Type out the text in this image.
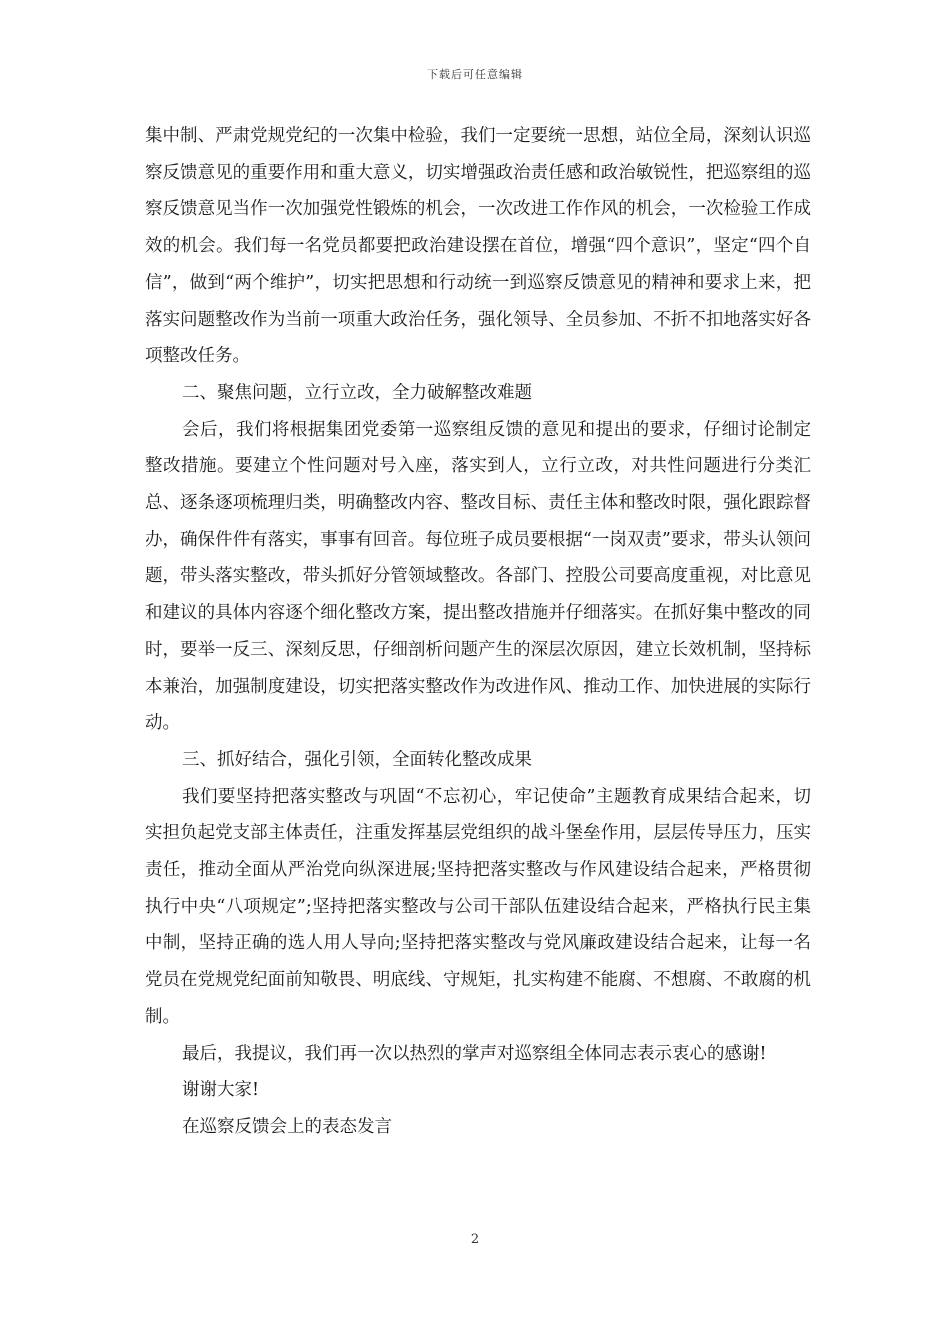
下载后可任意编辑

集中制、严肃党规党纪的一次集中检验，我们一定要统一思想，站位全局，深刻认识巡察反馈意见的重要作用和重大意义，切实增强政治责任感和政治敏锐性，把巡察组的巡察反馈意见当作一次加强党性锻炼的机会，一次改进工作作风的机会，一次检验工作成效的机会。我们每一名党员都要把政治建设摆在首位，增强“四个意识”，坚定“四个自信”，做到“两个维护”，切实把思想和行动统一到巡察反馈意见的精神和要求上来，把落实问题整改作为当前一项重大政治任务，强化领导、全员参加、不折不扣地落实好各项整改任务。

二、聚焦问题，立行立改，全力破解整改难题

会后，我们将根据集团党委第一巡察组反馈的意见和提出的要求，仔细讨论制定整改措施。要建立个性问题对号入座，落实到人，立行立改，对共性问题进行分类汇总、逐条逐项梳理归类，明确整改内容、整改目标、责任主体和整改时限，强化跟踪督办，确保件件有落实，事事有回音。每位班子成员要根据“一岗双责”要求，带头认领问题，带头落实整改，带头抓好分管领域整改。各部门、控股公司要高度重视，对比意见和建议的具体内容逐个细化整改方案，提出整改措施并仔细落实。在抓好集中整改的同时，要举一反三、深刻反思，仔细剖析问题产生的深层次原因，建立长效机制，坚持标本兼治，加强制度建设，切实把落实整改作为改进作风、推动工作、加快进展的实际行动。

三、抓好结合，强化引领，全面转化整改成果

我们要坚持把落实整改与巩固“不忘初心，牢记使命”主题教育成果结合起来，切实担负起党支部主体责任，注重发挥基层党组织的战斗堡垒作用，层层传导压力，压实责任，推动全面从严治党向纵深进展;坚持把落实整改与作风建设结合起来，严格贯彻执行中央“八项规定”;坚持把落实整改与公司干部队伍建设结合起来，严格执行民主集中制，坚持正确的选人用人导向;坚持把落实整改与党风廉政建设结合起来，让每一名党员在党规党纪面前知敬畏、明底线、守规矩，扎实构建不能腐、不想腐、不敢腐的机制。

最后，我提议，我们再一次以热烈的掌声对巡察组全体同志表示衷心的感谢!

谢谢大家!

在巡察反馈会上的表态发言

2
